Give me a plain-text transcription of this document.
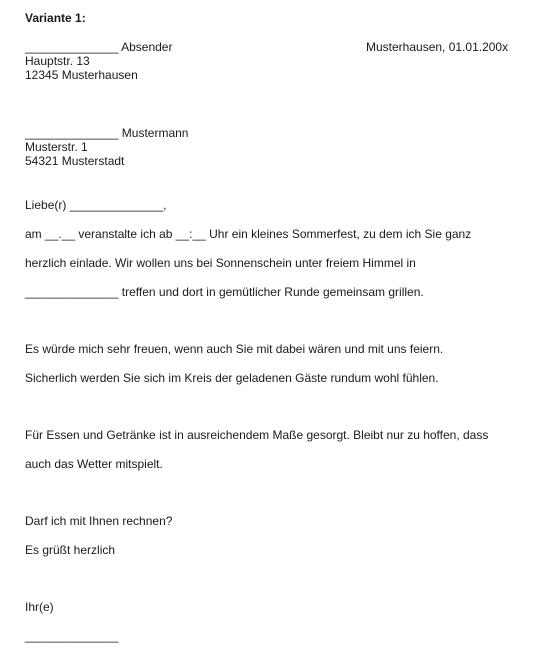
Variante 1:
______________ Absender	Musterhausen, 01.01.200x
Hauptstr. 13
12345 Musterhausen
______________ Mustermann
Musterstr. 1
54321 Musterstadt
Liebe(r) ______________,
am __.__ veranstalte ich ab __:__ Uhr ein kleines Sommerfest, zu dem ich Sie ganz
herzlich einlade. Wir wollen uns bei Sonnenschein unter freiem Himmel in
______________ treffen und dort in gemütlicher Runde gemeinsam grillen.
Es würde mich sehr freuen, wenn auch Sie mit dabei wären und mit uns feiern.
Sicherlich werden Sie sich im Kreis der geladenen Gäste rundum wohl fühlen.
Für Essen und Getränke ist in ausreichendem Maße gesorgt. Bleibt nur zu hoffen, dass
auch das Wetter mitspielt.
Darf ich mit Ihnen rechnen?
Es grüßt herzlich
Ihr(e)
______________
